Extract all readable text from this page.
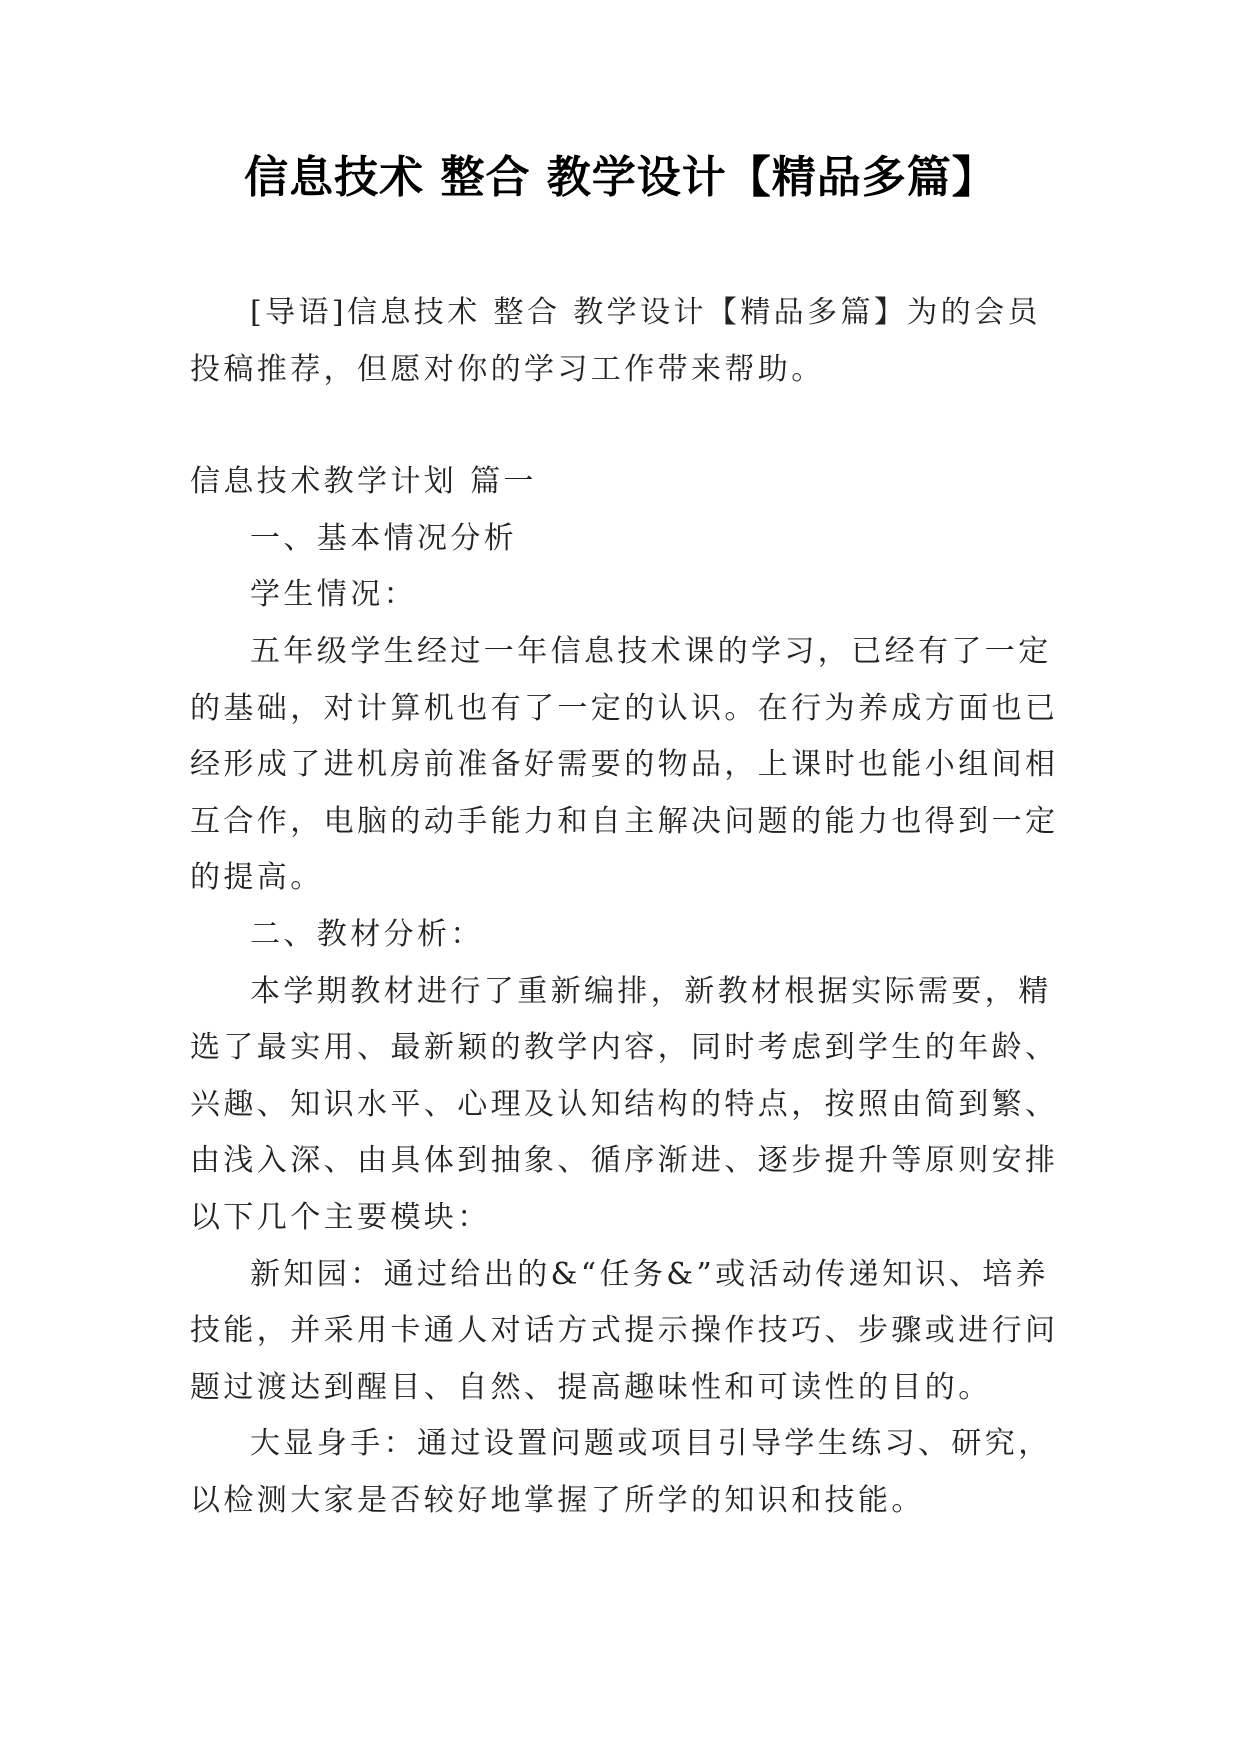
信息技术 整合 教学设计【精品多篇】

[导语]信息技术 整合 教学设计【精品多篇】为的会员投稿推荐，但愿对你的学习工作带来帮助。

信息技术教学计划 篇一

一、基本情况分析

学生情况：

五年级学生经过一年信息技术课的学习，已经有了一定的基础，对计算机也有了一定的认识。在行为养成方面也已经形成了进机房前准备好需要的物品，上课时也能小组间相互合作，电脑的动手能力和自主解决问题的能力也得到一定的提高。

二、教材分析：

本学期教材进行了重新编排，新教材根据实际需要，精选了最实用、最新颖的教学内容，同时考虑到学生的年龄、兴趣、知识水平、心理及认知结构的特点，按照由简到繁、由浅入深、由具体到抽象、循序渐进、逐步提升等原则安排以下几个主要模块：

新知园：通过给出的&“任务&”或活动传递知识、培养技能，并采用卡通人对话方式提示操作技巧、步骤或进行问题过渡达到醒目、自然、提高趣味性和可读性的目的。

大显身手：通过设置问题或项目引导学生练习、研究，以检测大家是否较好地掌握了所学的知识和技能。
